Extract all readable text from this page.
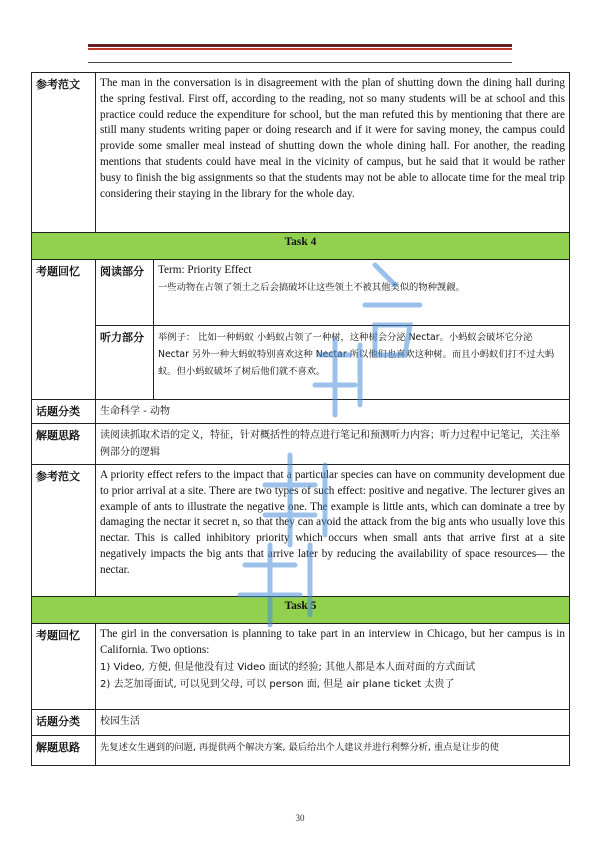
参考范文	The man in the conversation is in disagreement with the plan of shutting down the dining hall during the spring festival. First off, according to the reading, not so many students will be at school and this practice could reduce the expenditure for school, but the man refuted this by mentioning that there are still many students writing paper or doing research and if it were for saving money, the campus could provide some smaller meal instead of shutting down the whole dining hall. For another, the reading mentions that students could have meal in the vicinity of campus, but he said that it would be rather busy to finish the big assignments so that the students may not be able to allocate time for the meal trip considering their staying in the library for the whole day.	
Task 4		
考题回忆	阅读部分	Term: Priority Effect
一些动物在占领了领土之后会搞破坏让这些领土不被其他类似的物种觊觎。

	听力部分	举例子： 比如一种蚂蚁 小蚂蚁占领了一种树，这种树会分泌 Nectar。小蚂蚁会破坏它分泌 Nectar 另外一种大蚂蚁特别喜欢这种 Nectar 所以他们也喜欢这种树。而且小蚂蚁们打不过大蚂蚁。但小蚂蚁破坏了树后他们就不喜欢。
话题分类	生命科学 - 动物	
解题思路	读阅读抓取术语的定义，特征，针对概括性的特点进行笔记和预测听力内容；听力过程中记笔记，关注举例部分的逻辑	
参考范文	A priority effect refers to the impact that a particular species can have on community development due to prior arrival at a site. There are two types of such effect: positive and negative. The lecturer gives an example of ants to illustrate the negative one. The example is little ants, which can dominate a tree by damaging the nectar it secret n, so that they can avoid the attack from the big ants who usually love this nectar. This is called inhibitory priority which occurs when small ants that arrive first at a site negatively impacts the big ants that arrive later by reducing the availability of space resources— the nectar.	
Task 5		
考题回忆	The girl in the conversation is planning to take part in an interview in Chicago, but her campus is in California. Two options:
1) Video, 方便, 但是他没有过 Video 面试的经验; 其他人都是本人面对面的方式面试
2) 去芝加哥面试, 可以见到父母, 可以 person 面, 但是 air plane ticket 太贵了	

话题分类	校园生活	
解题思路	先复述女生遇到的问题, 再提供两个解决方案, 最后给出个人建议并进行利弊分析, 重点是让步的使	
30
